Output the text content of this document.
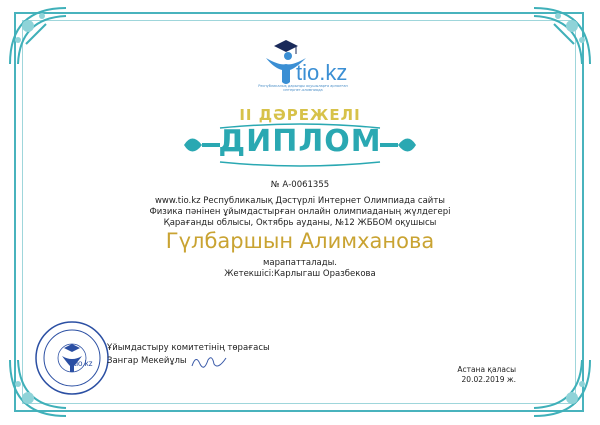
tio.kz
Республикалық дарынды оқушыларға арналған интернет-олимпиада
II ДӘРЕЖЕЛІ
ДИПЛОМ
№ А-0061355
www.tio.kz Республикалық Дәстүрлі Интернет Олимпиада сайты
Физика пәнінен ұйымдастырған онлайн олимпиаданың жүлдегері
Қарағанды облысы, Октябрь ауданы, №12 ЖББОМ оқушысы
Гүлбаршын Алимханова
марапатталады.
Жетекшісі:Карлыгаш Оразбекова
tio.kz
Ұйымдастыру комитетінің төрағасы
Зангар Мекейұлы
Астана қаласы
20.02.2019 ж.
